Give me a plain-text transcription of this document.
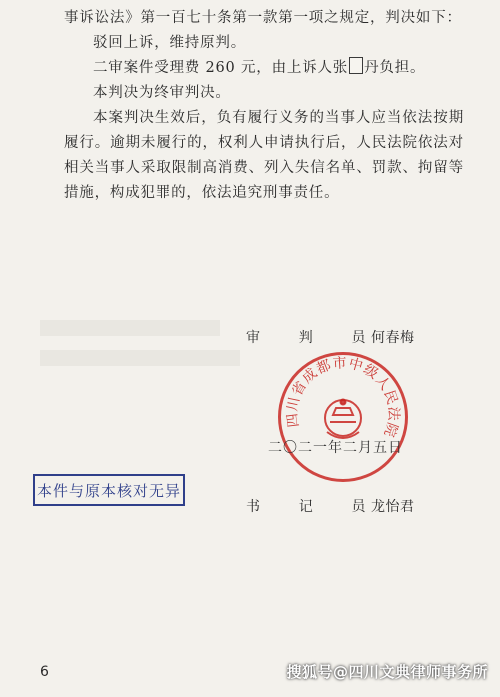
事诉讼法》第一百七十条第一款第一项之规定，判决如下：

驳回上诉，维持原判。

二审案件受理费 260 元，由上诉人张 丹负担。

本判决为终审判决。

本案判决生效后，负有履行义务的当事人应当依法按期履行。逾期未履行的，权利人申请执行后，人民法院依法对相关当事人采取限制高消费、列入失信名单、罚款、拘留等措施，构成犯罪的，依法追究刑事责任。

审	判	员 何春梅
四川省成都市中级人民法院
二〇二一年二月五日
本件与原本核对无异
书	记	员 龙怡君
6	搜狐号@四川文典律师事务所
